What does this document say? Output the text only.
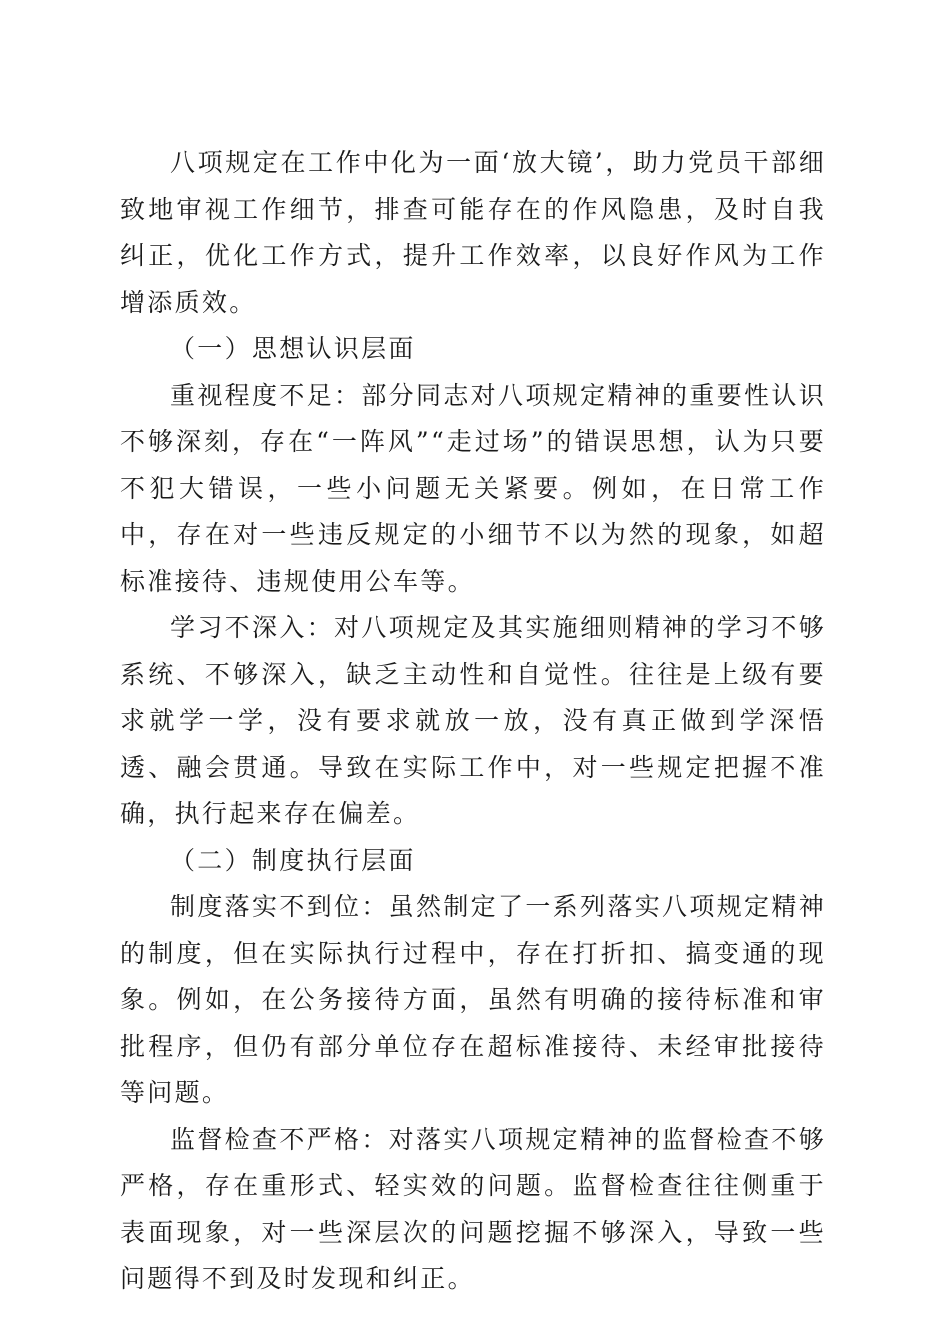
八项规定在工作中化为一面‘放大镜’，助力党员干部细致地审视工作细节，排查可能存在的作风隐患，及时自我纠正，优化工作方式，提升工作效率，以良好作风为工作增添质效。

（一）思想认识层面

重视程度不足：部分同志对八项规定精神的重要性认识不够深刻，存在“一阵风”“走过场”的错误思想，认为只要不犯大错误，一些小问题无关紧要。例如，在日常工作中，存在对一些违反规定的小细节不以为然的现象，如超标准接待、违规使用公车等。

学习不深入：对八项规定及其实施细则精神的学习不够系统、不够深入，缺乏主动性和自觉性。往往是上级有要求就学一学，没有要求就放一放，没有真正做到学深悟透、融会贯通。导致在实际工作中，对一些规定把握不准确，执行起来存在偏差。

（二）制度执行层面

制度落实不到位：虽然制定了一系列落实八项规定精神的制度，但在实际执行过程中，存在打折扣、搞变通的现象。例如，在公务接待方面，虽然有明确的接待标准和审批程序，但仍有部分单位存在超标准接待、未经审批接待等问题。

监督检查不严格：对落实八项规定精神的监督检查不够严格，存在重形式、轻实效的问题。监督检查往往侧重于表面现象，对一些深层次的问题挖掘不够深入，导致一些问题得不到及时发现和纠正。
